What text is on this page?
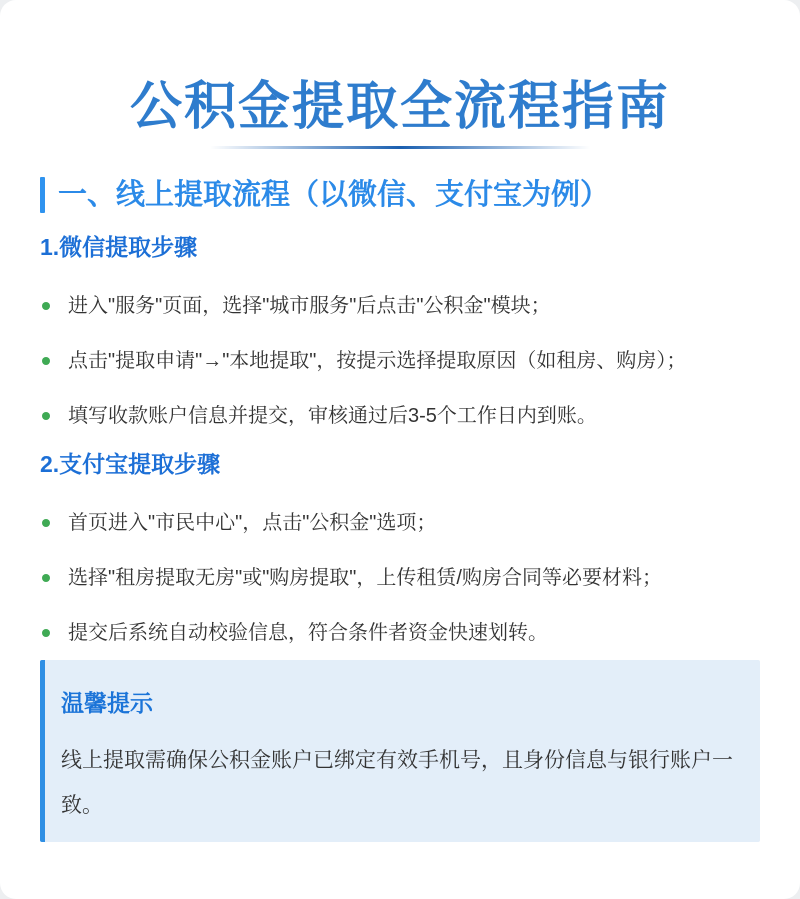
公积金提取全流程指南
一、线上提取流程（以微信、支付宝为例）
1.微信提取步骤
进入"服务"页面，选择"城市服务"后点击"公积金"模块；
点击"提取申请"→"本地提取"，按提示选择提取原因（如租房、购房）；
填写收款账户信息并提交，审核通过后3-5个工作日内到账。
2.支付宝提取步骤
首页进入"市民中心"，点击"公积金"选项；
选择"租房提取无房"或"购房提取"，上传租赁/购房合同等必要材料；
提交后系统自动校验信息，符合条件者资金快速划转。
温馨提示
线上提取需确保公积金账户已绑定有效手机号，且身份信息与银行账户一致。
